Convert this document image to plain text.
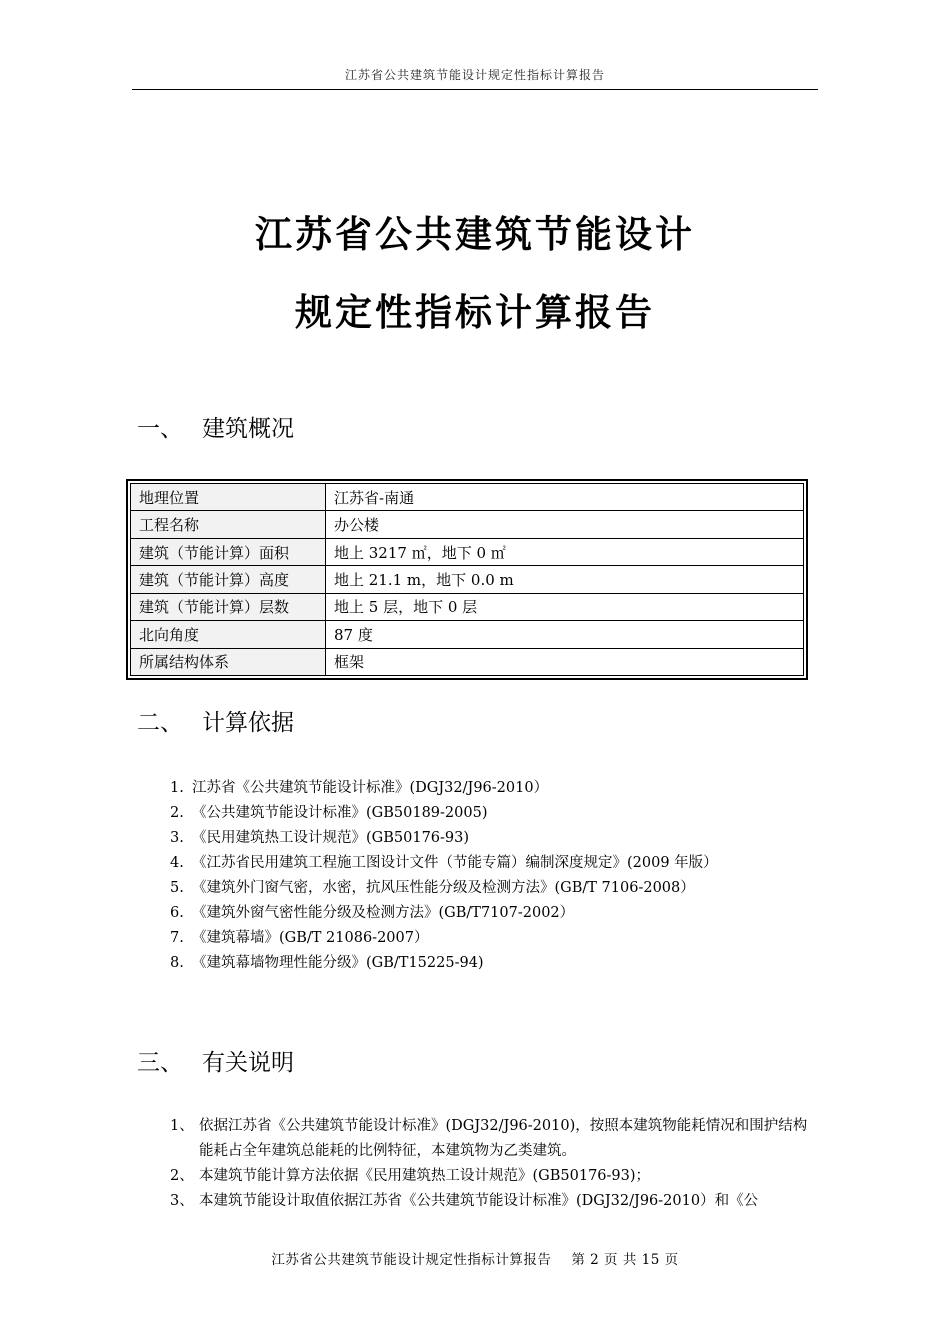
江苏省公共建筑节能设计规定性指标计算报告
江苏省公共建筑节能设计
规定性指标计算报告
一、 建筑概况
地理位置	江苏省-南通
工程名称	办公楼
建筑（节能计算）面积	地上 3217 ㎡，地下 0 ㎡
建筑（节能计算）高度	地上 21.1 m，地下 0.0 m
建筑（节能计算）层数	地上 5 层，地下 0 层
北向角度	87 度
所属结构体系	框架
二、 计算依据
1. 江苏省《公共建筑节能设计标准》(DGJ32/J96-2010）
2. 《公共建筑节能设计标准》(GB50189-2005)
3. 《民用建筑热工设计规范》(GB50176-93)
4. 《江苏省民用建筑工程施工图设计文件（节能专篇）编制深度规定》(2009 年版）
5. 《建筑外门窗气密，水密，抗风压性能分级及检测方法》(GB/T 7106-2008）
6. 《建筑外窗气密性能分级及检测方法》(GB/T7107-2002）
7. 《建筑幕墙》(GB/T 21086-2007）
8. 《建筑幕墙物理性能分级》(GB/T15225-94)
三、 有关说明
1、 依据江苏省《公共建筑节能设计标准》(DGJ32/J96-2010)，按照本建筑物能耗情况和围护结构能耗占全年建筑总能耗的比例特征，本建筑物为乙类建筑。
2、 本建筑节能计算方法依据《民用建筑热工设计规范》(GB50176-93)；
3、 本建筑节能设计取值依据江苏省《公共建筑节能设计标准》(DGJ32/J96-2010）和《公
江苏省公共建筑节能设计规定性指标计算报告 第 2 页 共 15 页
